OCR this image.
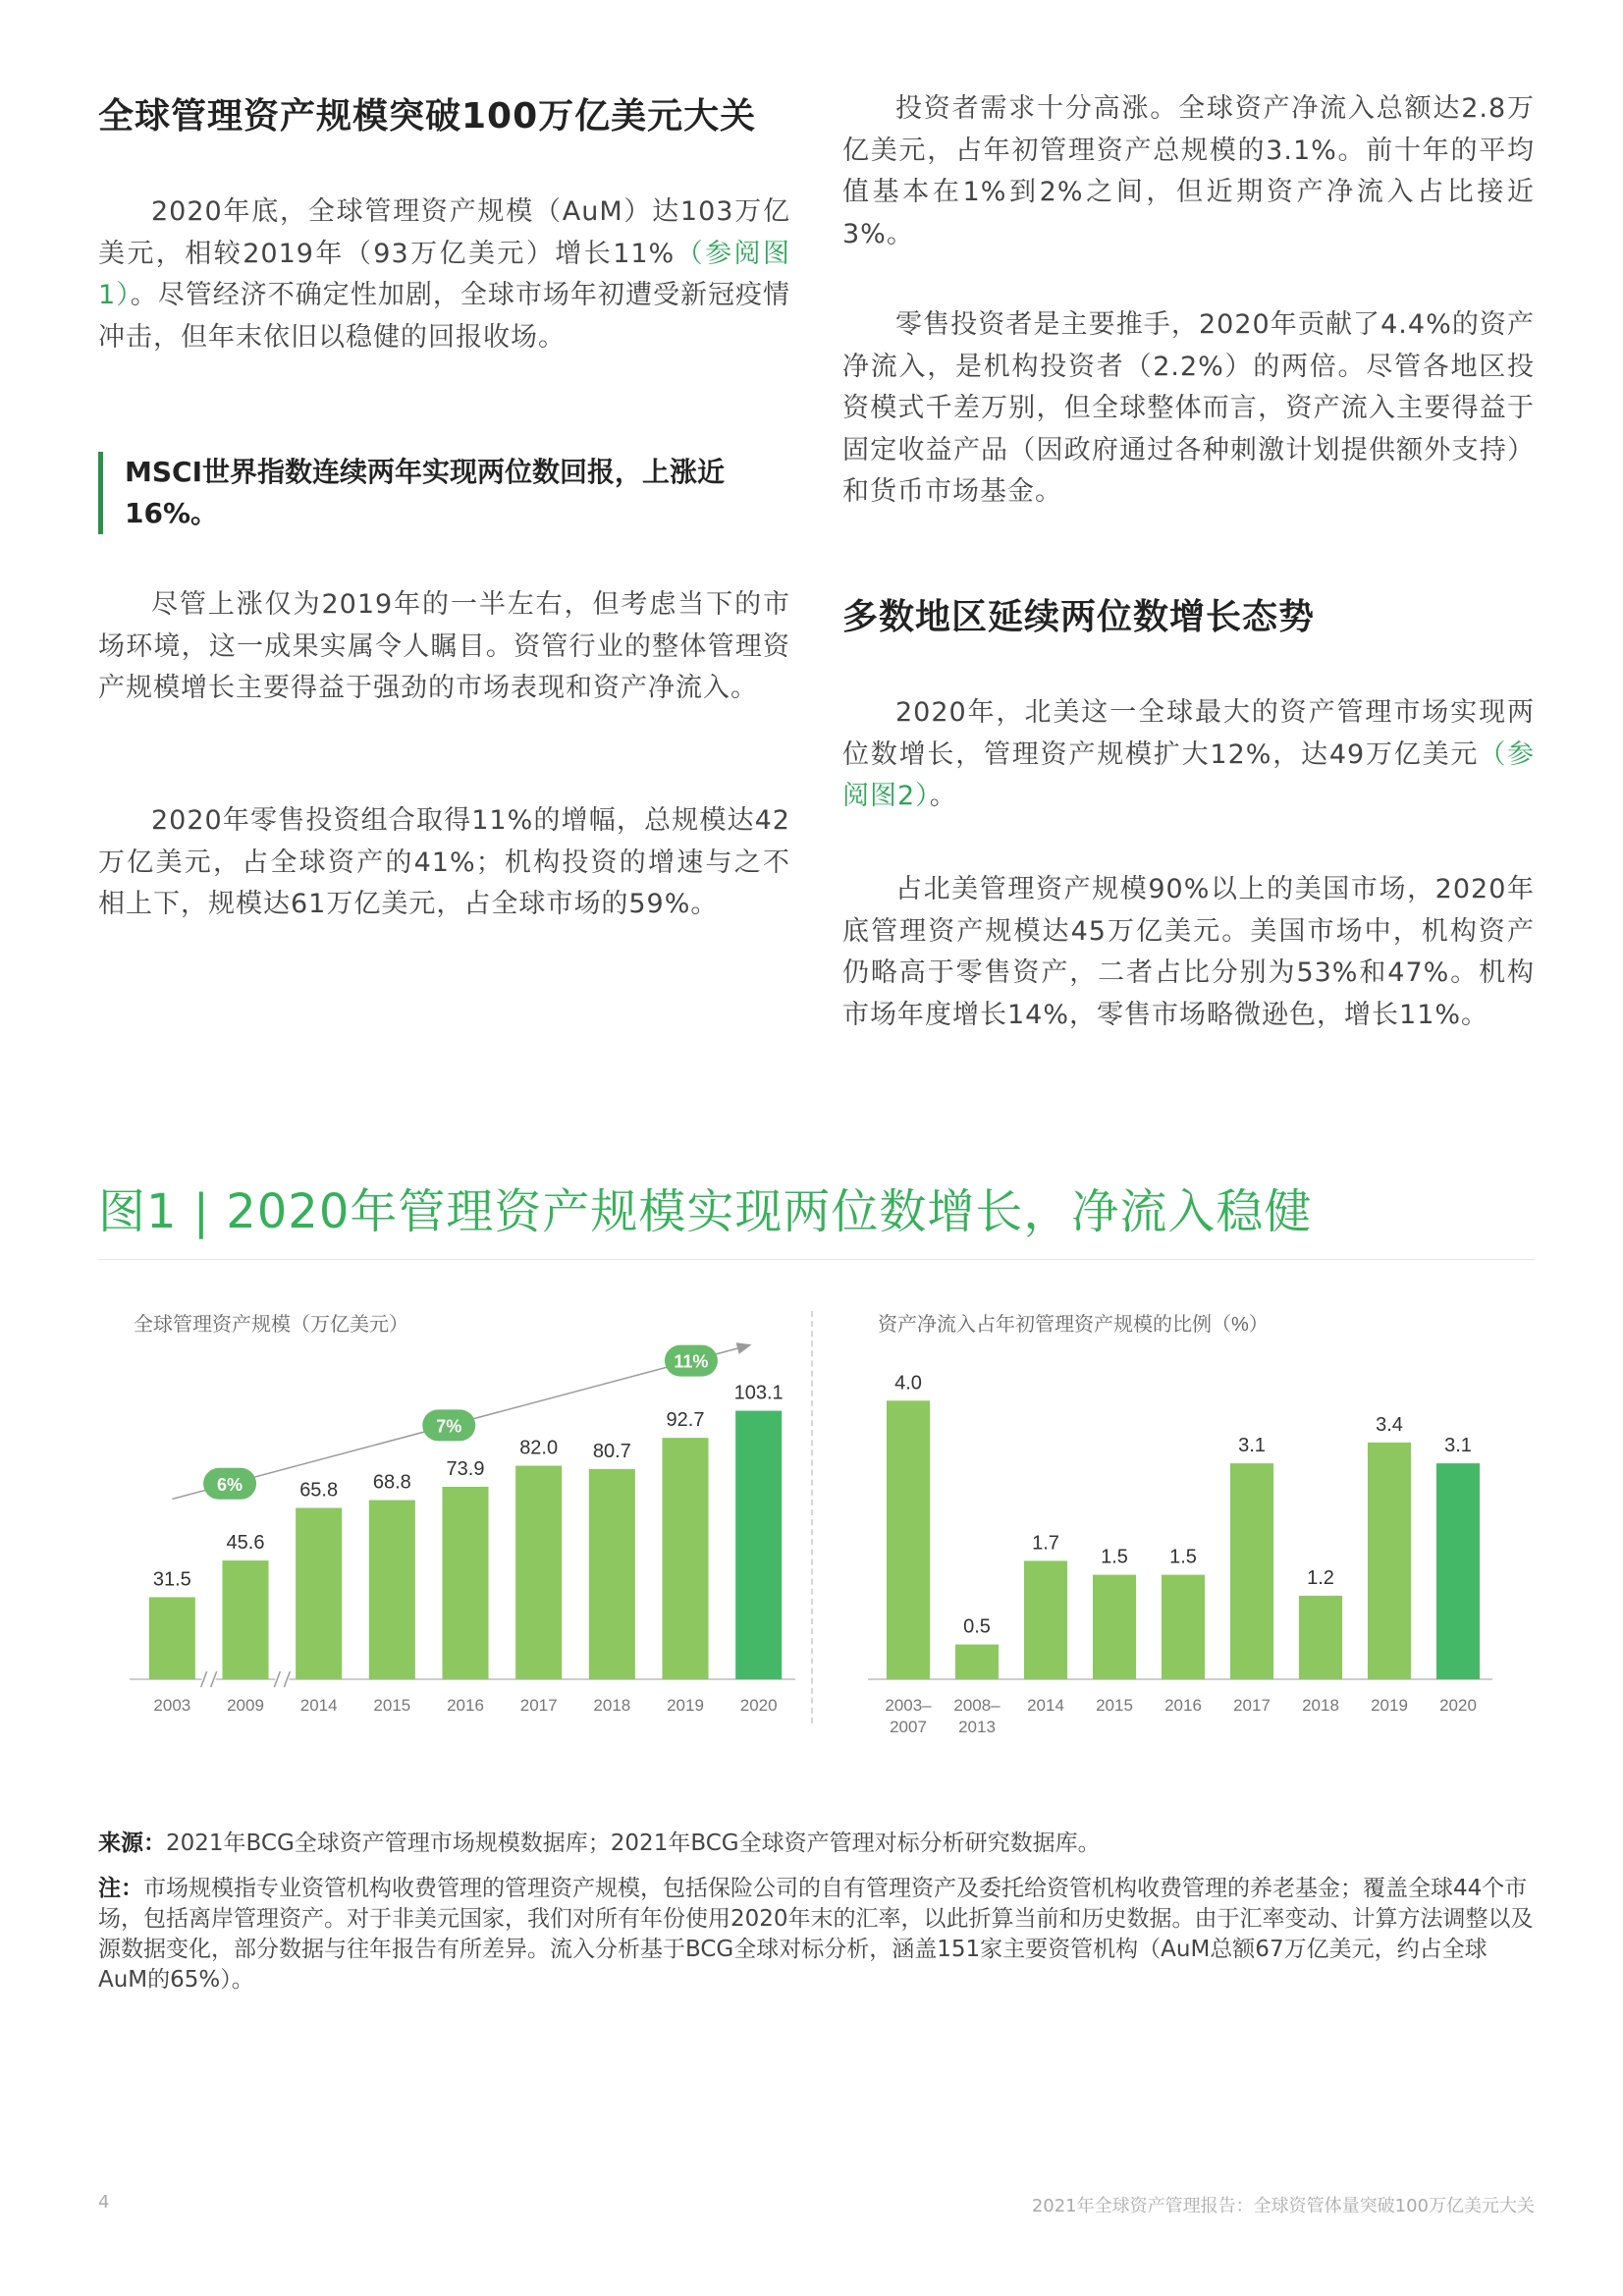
全球管理资产规模突破100万亿美元大关

2020年底，全球管理资产规模（AuM）达103万亿美元，相较2019年（93万亿美元）增长11%（参阅图1）。尽管经济不确定性加剧，全球市场年初遭受新冠疫情冲击，但年末依旧以稳健的回报收场。

MSCI世界指数连续两年实现两位数回报，上涨近16%。

尽管上涨仅为2019年的一半左右，但考虑当下的市场环境，这一成果实属令人瞩目。资管行业的整体管理资产规模增长主要得益于强劲的市场表现和资产净流入。

2020年零售投资组合取得11%的增幅，总规模达42万亿美元，占全球资产的41%；机构投资的增速与之不相上下，规模达61万亿美元，占全球市场的59%。

投资者需求十分高涨。全球资产净流入总额达2.8万亿美元，占年初管理资产总规模的3.1%。前十年的平均值基本在1%到2%之间，但近期资产净流入占比接近3%。

零售投资者是主要推手，2020年贡献了4.4%的资产净流入，是机构投资者（2.2%）的两倍。尽管各地区投资模式千差万别，但全球整体而言，资产流入主要得益于固定收益产品（因政府通过各种刺激计划提供额外支持）和货币市场基金。

多数地区延续两位数增长态势

2020年，北美这一全球最大的资产管理市场实现两位数增长，管理资产规模扩大12%，达49万亿美元（参阅图2）。

占北美管理资产规模90%以上的美国市场，2020年底管理资产规模达45万亿美元。美国市场中，机构资产仍略高于零售资产，二者占比分别为53%和47%。机构市场年度增长14%，零售市场略微逊色，增长11%。

图1 | 2020年管理资产规模实现两位数增长，净流入稳健
全球管理资产规模（万亿美元）
31.5
2003
45.6
2009
65.8
2014
68.8
2015
73.9
2016
82.0
2017
80.7
2018
92.7
2019
103.1
2020
6%
7%
11%
资产净流入占年初管理资产规模的比例（%）
4.0
2003–
2007
0.5
2008–
2013
1.7
2014
1.5
2015
1.5
2016
3.1
2017
1.2
2018
3.4
2019
3.1
2020

来源：2021年BCG全球资产管理市场规模数据库；2021年BCG全球资产管理对标分析研究数据库。

注：市场规模指专业资管机构收费管理的管理资产规模，包括保险公司的自有管理资产及委托给资管机构收费管理的养老基金；覆盖全球44个市场，包括离岸管理资产。对于非美元国家，我们对所有年份使用2020年末的汇率，以此折算当前和历史数据。由于汇率变动、计算方法调整以及源数据变化，部分数据与往年报告有所差异。流入分析基于BCG全球对标分析，涵盖151家主要资管机构（AuM总额67万亿美元，约占全球AuM的65%）。

4	2021年全球资产管理报告：全球资管体量突破100万亿美元大关
